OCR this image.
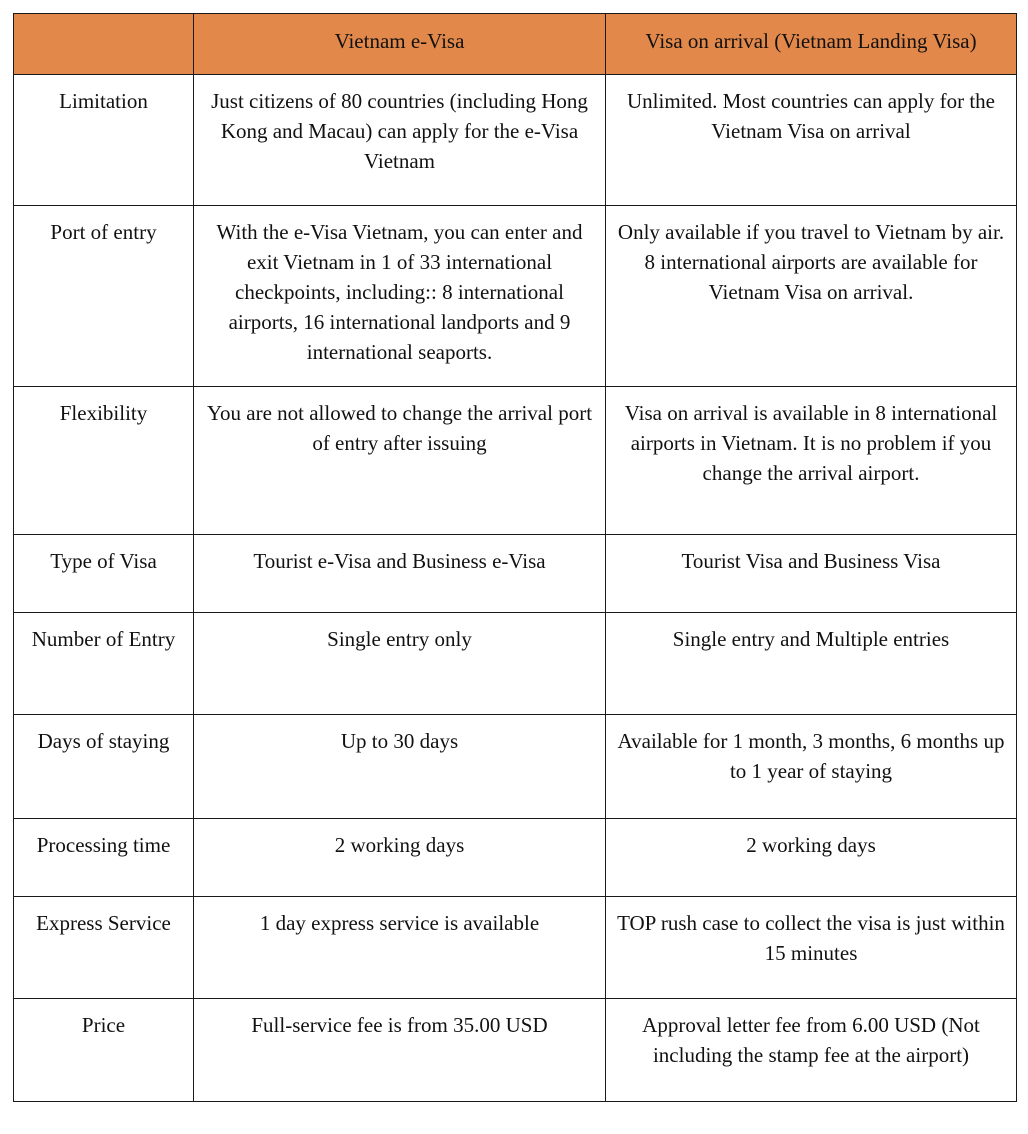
	Vietnam e-Visa	Visa on arrival (Vietnam Landing Visa)
Limitation	Just citizens of 80 countries (including Hong Kong and Macau) can apply for the e-Visa Vietnam	Unlimited. Most countries can apply for the Vietnam Visa on arrival
Port of entry	With the e-Visa Vietnam, you can enter and exit Vietnam in 1 of 33 international checkpoints, including:: 8 international airports, 16 international landports and 9 international seaports.	Only available if you travel to Vietnam by air. 8 international airports are available for Vietnam Visa on arrival.
Flexibility	You are not allowed to change the arrival port of entry after issuing	Visa on arrival is available in 8 international airports in Vietnam. It is no problem if you change the arrival airport.
Type of Visa	Tourist e-Visa and Business e-Visa	Tourist Visa and Business Visa
Number of Entry	Single entry only	Single entry and Multiple entries
Days of staying	Up to 30 days	Available for 1 month, 3 months, 6 months up to 1 year of staying
Processing time	2 working days	2 working days
Express Service	1 day express service is available	TOP rush case to collect the visa is just within 15 minutes
Price	Full-service fee is from 35.00 USD	Approval letter fee from 6.00 USD (Not including the stamp fee at the airport)
